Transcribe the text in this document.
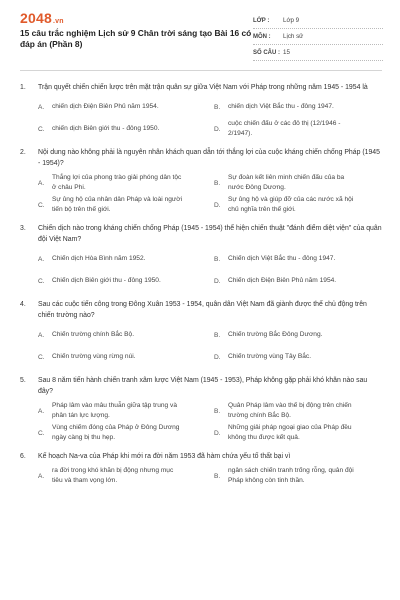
2048.vn
15 câu trắc nghiệm Lịch sử 9 Chân trời sáng tạo Bài 16 có đáp án (Phần 8)
LỚP :	Lớp 9
MÔN :	Lịch sử
SỐ CÂU : 15
1.	Trận quyết chiến chiến lược trên mặt trận quân sự giữa Việt Nam với Pháp trong những năm 1945 - 1954 là
A.	chiến dịch Điện Biên Phủ năm 1954.	B.	chiến dịch Việt Bắc thu - đông 1947.
C.	chiến dịch Biên giới thu - đông 1950.	D.
cuộc chiến đấu ở các đô thị (12/1946 - 2/1947).
2.	Nội dung nào không phải là nguyên nhân khách quan dẫn tới thắng lợi của cuộc kháng chiến chống Pháp (1945 - 1954)?
A.
Thắng lợi của phong trào giải phóng dân tộc ở châu Phi.
B.
Sự đoàn kết liên minh chiến đấu của ba nước Đông Dương.
C.
Sự ủng hộ của nhân dân Pháp và loài người tiến bộ trên thế giới.
D.
Sự ủng hộ và giúp đỡ của các nước xã hội chủ nghĩa trên thế giới.
3.	Chiến dịch nào trong kháng chiến chống Pháp (1945 - 1954) thể hiện chiến thuật "đánh điểm diệt viện" của quân đội Việt Nam?
A.	Chiến dịch Hòa Bình năm 1952.	B.	Chiến dịch Việt Bắc thu - đông 1947.
C.	Chiến dịch Biên giới thu - đông 1950.	D.	Chiến dịch Điện Biên Phủ năm 1954.
4.	Sau các cuộc tiến công trong Đông Xuân 1953 - 1954, quân dân Việt Nam đã giành được thế chủ động trên chiến trường nào?
A.	Chiến trường chính Bắc Bộ.	B.	Chiến trường Bắc Đông Dương.
C.	Chiến trường vùng rừng núi.	D.	Chiến trường vùng Tây Bắc.
5.	Sau 8 năm tiến hành chiến tranh xâm lược Việt Nam (1945 - 1953), Pháp không gặp phải khó khăn nào sau đây?
A.
Pháp lâm vào mâu thuẫn giữa tập trung và phân tán lực lượng.
B.
Quân Pháp lâm vào thế bị động trên chiến trường chính Bắc Bộ.
C.
Vùng chiếm đóng của Pháp ở Đông Dương ngày càng bị thu hẹp.
D.
Những giải pháp ngoại giao của Pháp đều không thu được kết quả.
6.	Kế hoạch Na-va của Pháp khi mới ra đời năm 1953 đã hàm chứa yếu tố thất bại vì
A.
ra đời trong khó khăn bị động nhưng mục tiêu và tham vọng lớn.
B.
ngân sách chiến tranh trống rỗng, quân đội Pháp không còn tinh thần.
